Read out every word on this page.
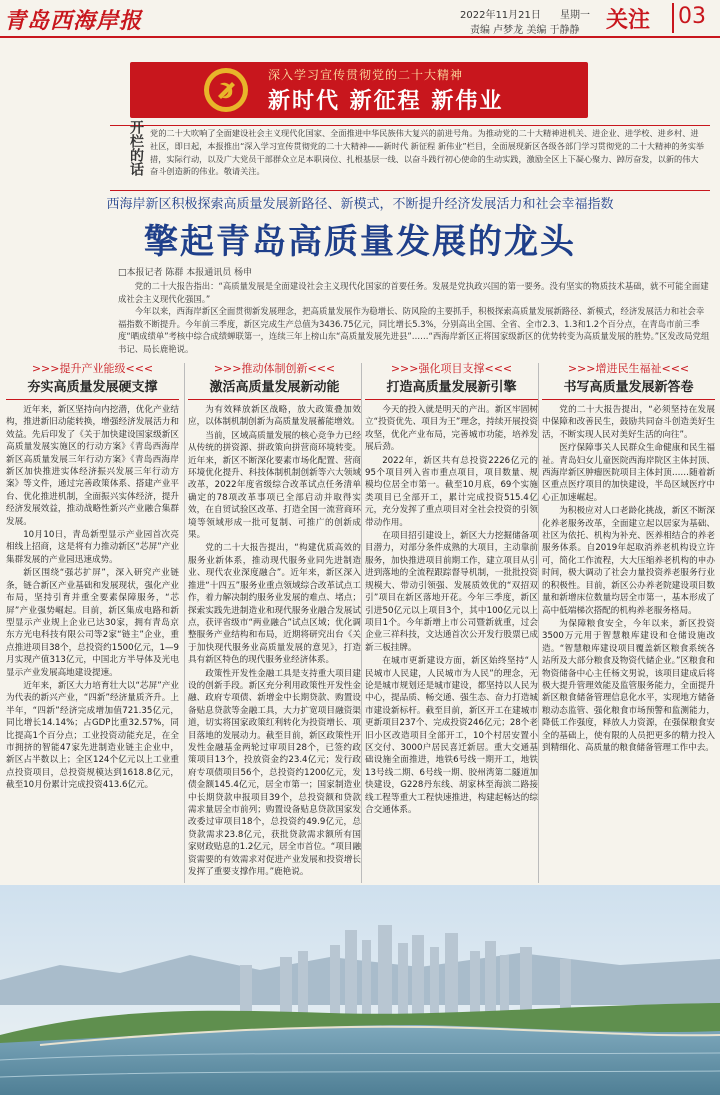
青岛西海岸报	2022年11月21日 星期一
责编 卢梦龙 美编 于静静 关注 03
深入学习宣传贯彻党的二十大精神
新时代 新征程 新伟业
开栏的话 党的二十大吹响了全面建设社会主义现代化国家、全面推进中华民族伟大复兴的前进号角。为推动党的二十大精神进机关、进企业、进学校、进乡村、进社区，即日起，本报推出“深入学习宣传贯彻党的二十大精神——新时代 新征程 新伟业”栏目，全面展现新区各级各部门学习贯彻党的二十大精神的务实举措，实际行动，以及广大党员干部群众立足本职岗位、扎根基层一线、以奋斗践行初心使命的生动实践，激励全区上下凝心聚力、踔厉奋发，以新的伟大奋斗创造新的伟业。敬请关注。
西海岸新区积极探索高质量发展新路径、新模式，不断提升经济发展活力和社会幸福指数
擎起青岛高质量发展的龙头
□本报记者 陈群 本报通讯员 杨申

党的二十大报告指出：“高质量发展是全面建设社会主义现代化国家的首要任务。发展是党执政兴国的第一要务。没有坚实的物质技术基础，就不可能全面建成社会主义现代化强国。”

今年以来，西海岸新区全面贯彻新发展理念，把高质量发展作为稳增长、防风险的主要抓手，积极探索高质量发展新路径、新模式，经济发展活力和社会幸福指数不断提升。今年前三季度，新区完成生产总值为3436.75亿元，同比增长5.3%，分别高出全国、全省、全市2.3、1.3和1.2个百分点，在青岛市前三季度“晒成绩单”考核中综合成绩蝉联第一，连续三年上榜山东“高质量发展先进县”……“西海岸新区正将国家级新区的优势转变为高质量发展的胜势。”区发改局党组书记、局长鹿艳说。

>>>提升产业能级<<<
夯实高质量发展硬支撑

近年来，新区坚持向内挖潜，优化产业结构，推进新旧动能转换，增强经济发展活力和效益。先后印发了《关于加快建设国家级新区高质量发展实施区的行动方案》《青岛西海岸新区高质量发展三年行动方案》《青岛西海岸新区加快推进实体经济振兴发展三年行动方案》等文件，通过完善政策体系、搭建产业平台、优化推进机制，全面振兴实体经济，提升经济发展效益，推动战略性新兴产业融合集群发展。

10月10日，青岛新型显示产业园首次亮相线上招商，这是将有力推动新区“芯屏”产业集群发展的产业园迅速成势。

新区围绕“强芯扩屏”，深入研究产业链条，链合新区产业基础和发展现状，强化产业布局，坚持引育并重全要素保障服务，“芯屏”产业强势崛起。目前，新区集成电路和新型显示产业规上企业已达30家，拥有青岛京东方光电科技有限公司等2家“链主”企业，重点推进项目38个，总投资约1500亿元，1—9月实现产值313亿元，中国北方半导体及光电显示产业发展高地建设提速。

近年来，新区大力培育壮大以“芯屏”产业为代表的新兴产业，“四新”经济量质齐升。上半年，“四新”经济完成增加值721.35亿元，同比增长14.14%；占GDP比重32.57%，同比提高1个百分点；工业投资动能充足，在全市拥挤的智能47家先进制造业链主企业中，新区占半数以上；全区124个亿元以上工业重点投资项目，总投资规模达到1618.8亿元，截至10月份累计完成投资413.6亿元。

>>>推动体制创新<<<
激活高质量发展新动能

为有效释放新区战略，放大政策叠加效应，以体制机制创新为高质量发展蓄能增效。

当前，区域高质量发展的核心竞争力已经从传统的拼资源、拼政策向拼营商环境转变。近年来，新区不断深化要素市场化配置、营商环境优化提升、科技体制机制创新等六大领域改革，2022年度省级综合改革试点任务清单确定的78项改革事项已全部启动并取得实效，在自贸试验区改革、打造全国一流营商环境等领域形成一批可复制、可推广的创新成果。

党的二十大报告提出，“构建优质高效的服务业新体系，推动现代服务业同先进制造业、现代农业深度融合”。近年来，新区深入推进“十四五”服务业重点领域综合改革试点工作，着力解决制约服务业发展的难点、堵点；探索实践先进制造业和现代服务业融合发展试点，获评省级市“两业融合”试点区域；优化调整服务产业结构和布局，近期将研究出台《关于加快现代服务业高质量发展的意见》，打造具有新区特色的现代服务业经济体系。

政策性开发性金融工具是支持重大项目建设的创新手段。新区充分利用政策性开发性金融、政府专项债、新增金中长期贷款、购置设备贴息贷款等金融工具，大力扩宽项目融资渠道，切实将国家政策红利转化为投资增长、项目落地的发展动力。截至目前，新区政策性开发性金融基金两轮过审项目28个，已签约政策项目13个，投放资金约23.4亿元；发行政府专项债项目56个，总投资约1200亿元，发债金额145.4亿元，居全市第一；国家制造业中长期贷款申报项目39个，总投资额和贷款需求量居全市前列；购置设备贴息贷款国家发改委过审项目18个，总投资约49.9亿元，总贷款需求23.8亿元，获批贷款需求额所有国家财政贴息的1.2亿元，居全市首位。“项目融资需要的有效需求对促进产业发展和投资增长发挥了重要支撑作用。”鹿艳说。

>>>强化项目支撑<<<
打造高质量发展新引擎

今天的投入就是明天的产出。新区牢固树立“投资优先、项目为王”理念，持续开展投资攻坚，优化产业布局，完善城市功能，培养发展后劲。

2022年，新区共有总投资2226亿元的95个项目列入省市重点项目，项目数量、规模均位居全市第一。截至10月底，69个实施类项目已全部开工，累计完成投资515.4亿元，充分发挥了重点项目对全社会投资的引领带动作用。

在项目招引建设上，新区大力挖掘储备项目潜力，对部分条件成熟的大项目，主动靠前服务，加快推进项目前期工作，建立项目从引进到落地的全流程跟踪督导机制，一批批投资规模大、带动引领强、发展质效优的“双招双引”项目在新区落地开花。今年三季度，新区引进50亿元以上项目3个，其中100亿元以上项目1个。今年新增上市公司暨新就重，过会企业三祥科技，文达通首次公开发行股票已成新三板挂牌。

在城市更新建设方面，新区始终坚持“人民城市人民建，人民城市为人民”的理念，无论是城市规划还是城市建设，都坚持以人民为中心，提品质、畅交通、强生态、奋力打造城市建设新标杆。截至目前，新区开工在建城市更新项目237个、完成投资246亿元；28个老旧小区改造项目全部开工，10个村居安置小区交付、3000户居民喜迁新居。重大交通基础设施全面推进，地铁6号线一期开工，地铁13号线二期、6号线一期、胶州湾第二隧道加快建设，G228丹东线、胡家林至海滨二路接线工程等重大工程快速推进，构建起畅达的综合交通体系。

>>>增进民生福祉<<<
书写高质量发展新答卷

党的二十大报告提出，“必须坚持在发展中保障和改善民生，鼓励共同奋斗创造美好生活，不断实现人民对美好生活的向往”。

医疗保障事关人民群众生命健康和民生福祉。青岛妇女儿童医院西海岸院区主体封顶、西海岸新区肿瘤医院项目主体封顶……随着新区重点医疗项目的加快建设，半岛区域医疗中心正加速崛起。

为积极应对人口老龄化挑战，新区不断深化养老服务改革，全面建立起以居家为基础、社区为依托、机构为补充、医养相结合的养老服务体系。自2019年起取消养老机构设立许可，简化工作流程，大大压缩养老机构的申办时间，极大调动了社会力量投资养老服务行业的积极性。目前，新区公办养老院建设项目数量和新增床位数量均居全市第一，基本形成了高中低端梯次搭配的机构养老服务格局。

为保障粮食安全，今年以来，新区投资3500万元用于智慧粮库建设和仓储设施改造。“智慧粮库建设项目覆盖新区粮食系统各站所及大部分粮食及物资代储企业。”区粮食和物资储备中心主任杨文男说，该项目建成后将极大提升管理效能及监管服务能力，全面提升新区粮食储备管理信息化水平，实现地方储备粮动态监管、强化粮食市场预警和监测能力，降低工作强度，释放人力资源，在强保粮食安全的基础上，使有限的人员把更多的精力投入到精细化、高质量的粮食储备管理工作中去。
